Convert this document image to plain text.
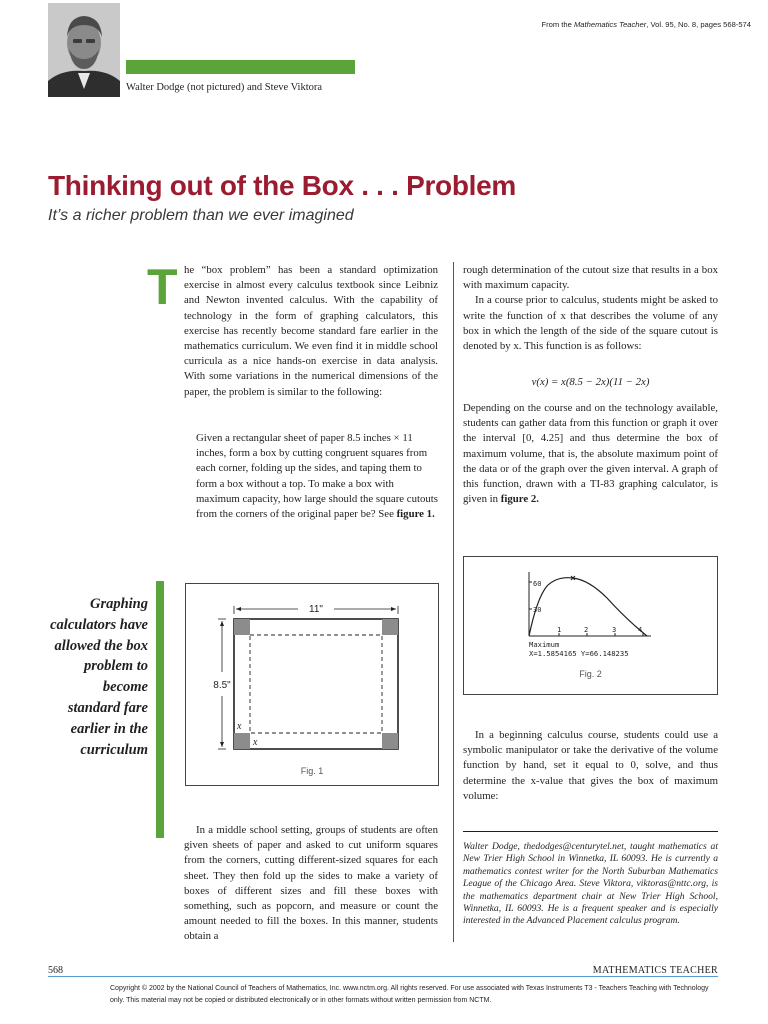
From the Mathematics Teacher, Vol. 95, No. 8, pages 568-574
Walter Dodge (not pictured) and Steve Viktora
Thinking out of the Box . . . Problem
It’s a richer problem than we ever imagined
T he “box problem” has been a standard optimization exercise in almost every calculus textbook since Leibniz and Newton invented calculus. With the capability of technology in the form of graphing calculators, this exercise has recently become standard fare earlier in the mathematics curriculum. We even find it in middle school curricula as a nice hands-on exercise in data analysis. With some variations in the numerical dimensions of the paper, the problem is similar to the following:

Given a rectangular sheet of paper 8.5 inches × 11 inches, form a box by cutting congruent squares from each corner, folding up the sides, and taping them to form a box without a top. To make a box with maximum capacity, how large should the square cutouts from the corners of the original paper be? See figure 1.
Graphing calculators have allowed the box problem to become standard fare earlier in the curriculum
11"
8.5"
x
x
Fig. 1

In a middle school setting, groups of students are often given sheets of paper and asked to cut uniform squares from the corners, cutting different-sized squares for each sheet. They then fold up the sides to make a variety of boxes of different sizes and fill these boxes with something, such as popcorn, and measure or count the amount needed to fill the boxes. In this manner, students obtain a

rough determination of the cutout size that results in a box with maximum capacity.

In a course prior to calculus, students might be asked to write the function of x that describes the volume of any box in which the length of the side of the square cutout is denoted by x. This function is as follows:

v(x) = x(8.5 − 2x)(11 − 2x)

Depending on the course and on the technology available, students can gather data from this function or graph it over the interval [0, 4.25] and thus determine the box of maximum volume, that is, the absolute maximum point of the data or of the graph over the given interval. A graph of this function, drawn with a TI-83 graphing calculator, is given in figure 2.

60
30
1	2	3	4
Maximum
X=1.5854165 Y=66.148235
Fig. 2

In a beginning calculus course, students could use a symbolic manipulator or take the derivative of the volume function by hand, set it equal to 0, solve, and thus determine the x-value that gives the box of maximum volume:

Walter Dodge, thedodges@centurytel.net, taught mathematics at New Trier High School in Winnetka, IL 60093. He is currently a mathematics contest writer for the North Suburban Mathematics League of the Chicago Area. Steve Viktora, viktoras@nttc.org, is the mathematics department chair at New Trier High School, Winnetka, IL 60093. He is a frequent speaker and is especially interested in the Advanced Placement calculus program.
568	MATHEMATICS TEACHER
Copyright © 2002 by the National Council of Teachers of Mathematics, Inc. www.nctm.org. All rights reserved. For use associated with Texas Instruments T3 - Teachers Teaching with Technology only. This material may not be copied or distributed electronically or in other formats without written permission from NCTM.
